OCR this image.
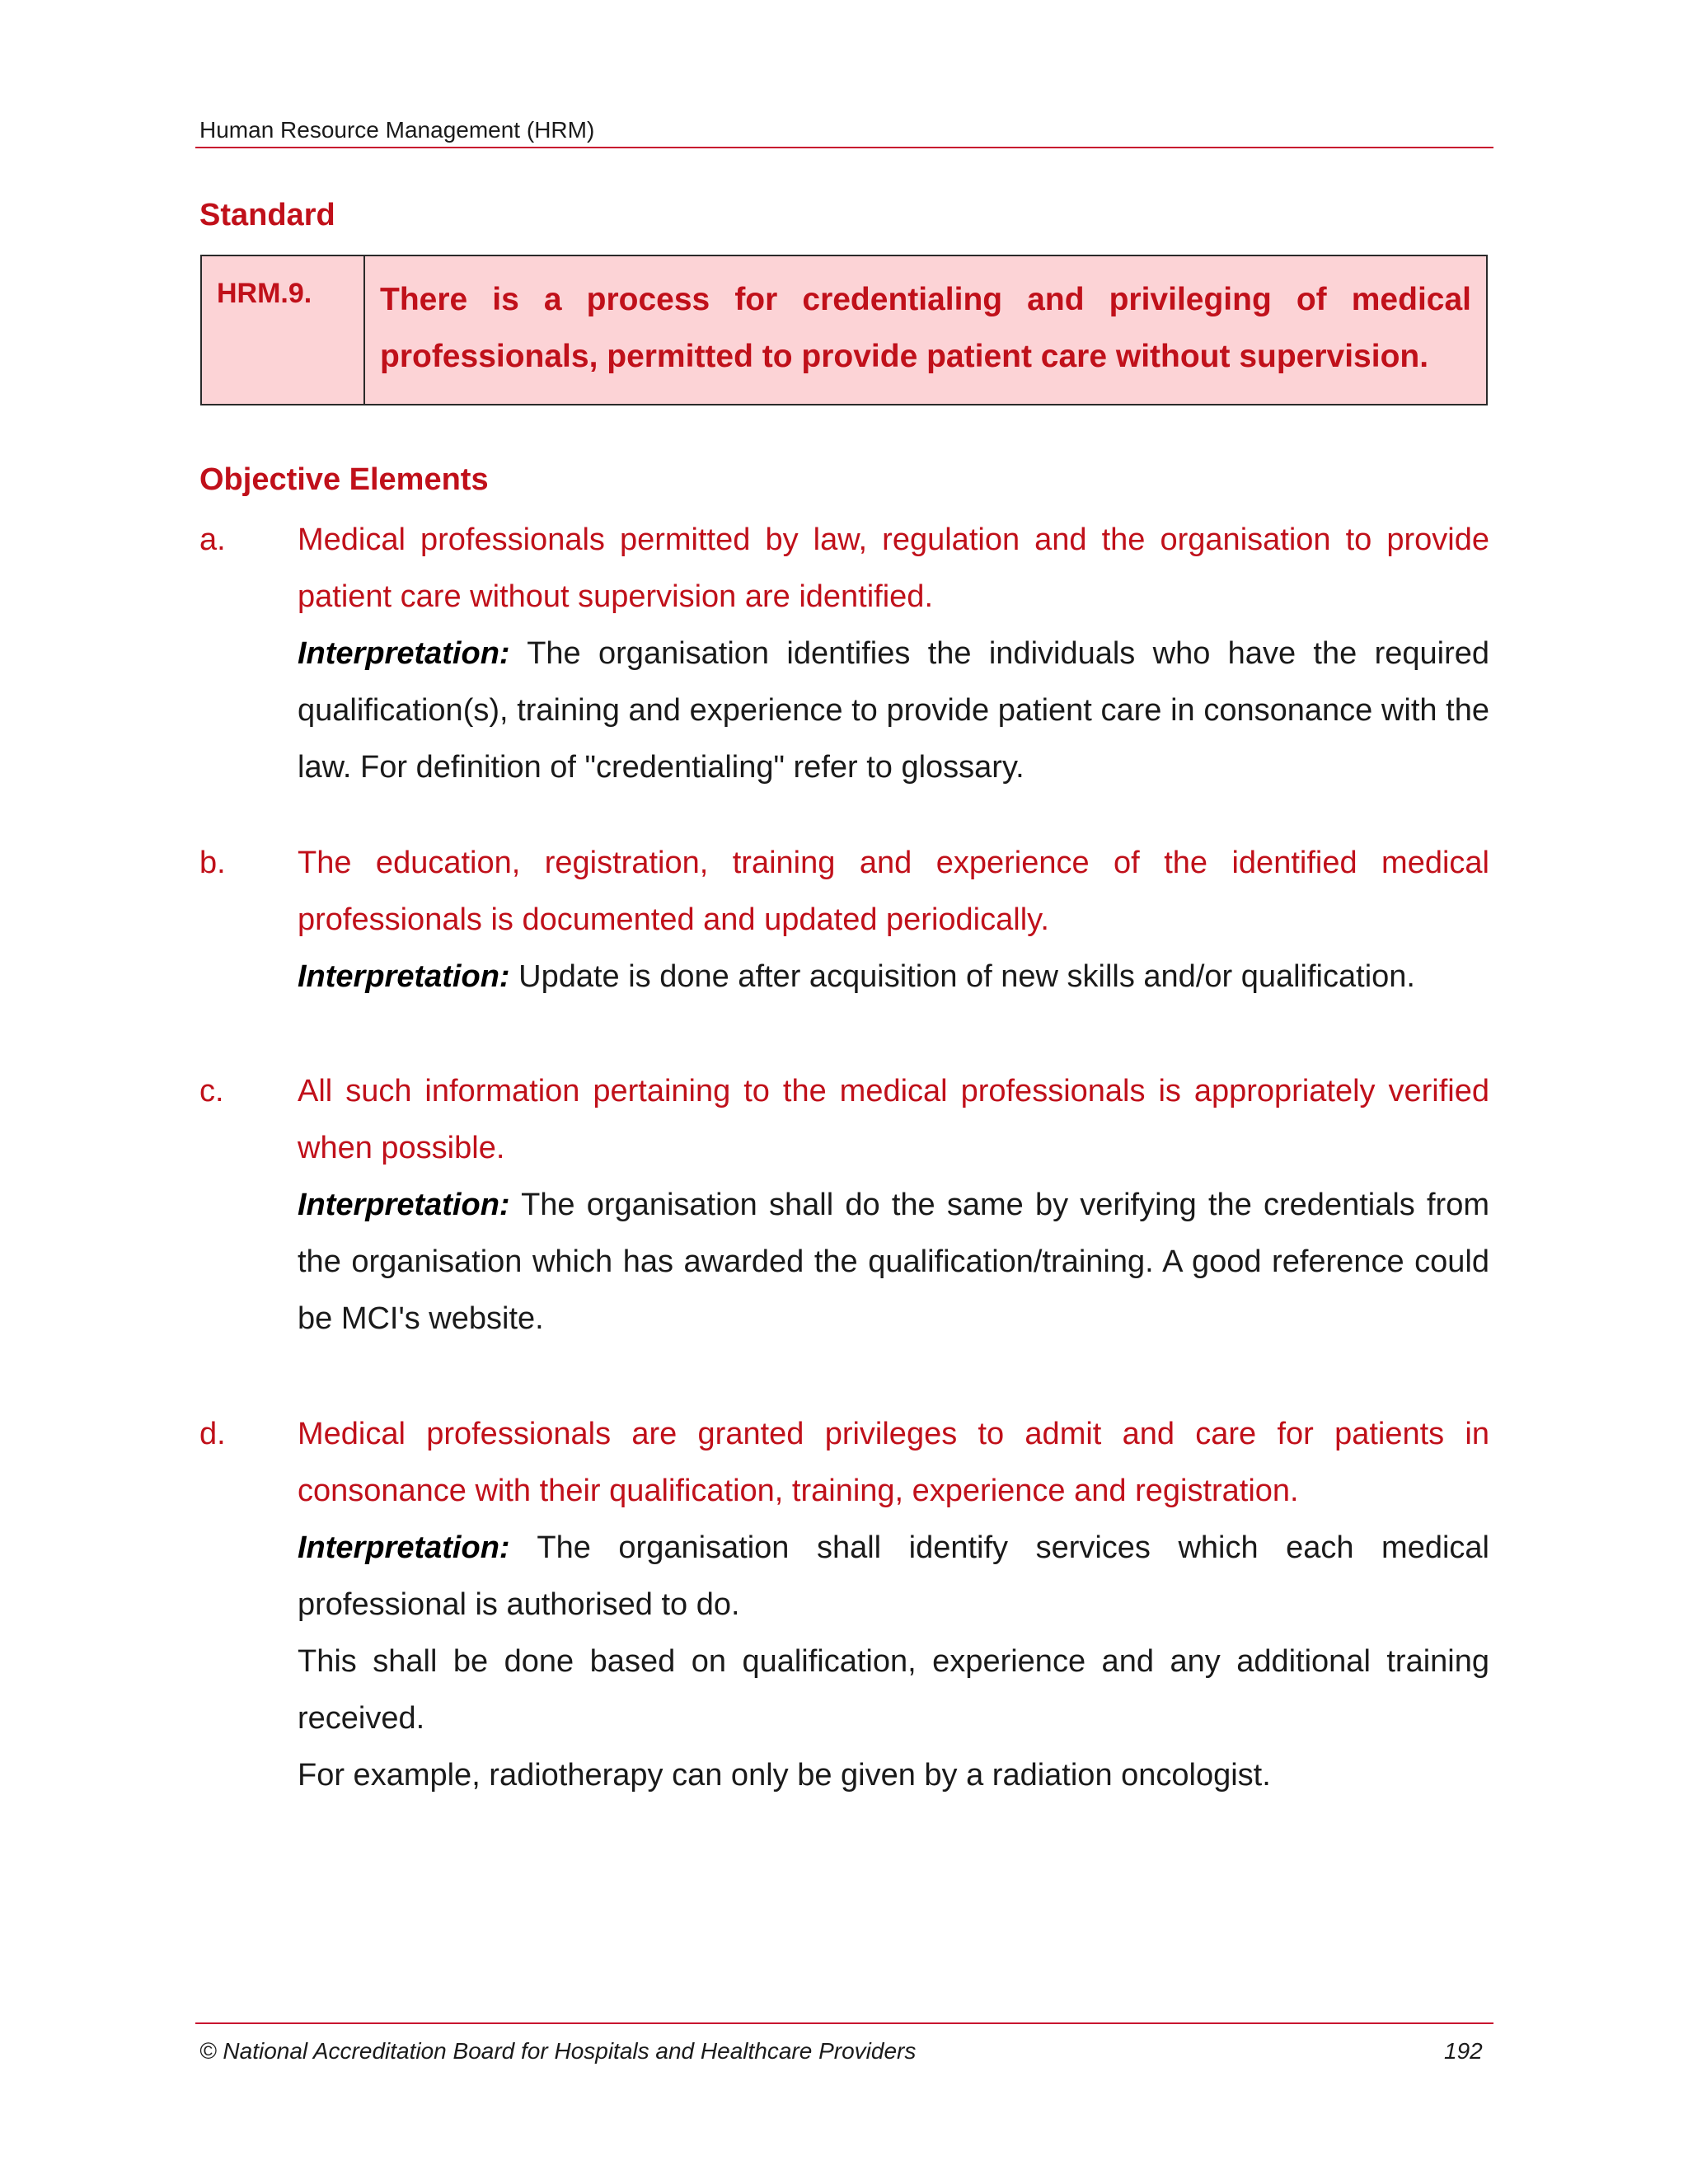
Human Resource Management (HRM)
Standard
HRM.9.	There is a process for credentialing and privileging of medical professionals, permitted to provide patient care without supervision.
Objective Elements
a. Medical professionals permitted by law, regulation and the organisation to provide patient care without supervision are identified.
Interpretation: The organisation identifies the individuals who have the required qualification(s), training and experience to provide patient care in consonance with the law. For definition of "credentialing" refer to glossary.
b. The education, registration, training and experience of the identified medical professionals is documented and updated periodically.
Interpretation: Update is done after acquisition of new skills and/or qualification.
c. All such information pertaining to the medical professionals is appropriately verified when possible.
Interpretation: The organisation shall do the same by verifying the credentials from the organisation which has awarded the qualification/training. A good reference could be MCI's website.
d. Medical professionals are granted privileges to admit and care for patients in consonance with their qualification, training, experience and registration.
Interpretation: The organisation shall identify services which each medical professional is authorised to do.
This shall be done based on qualification, experience and any additional training received.
For example, radiotherapy can only be given by a radiation oncologist.
© National Accreditation Board for Hospitals and Healthcare Providers	192
